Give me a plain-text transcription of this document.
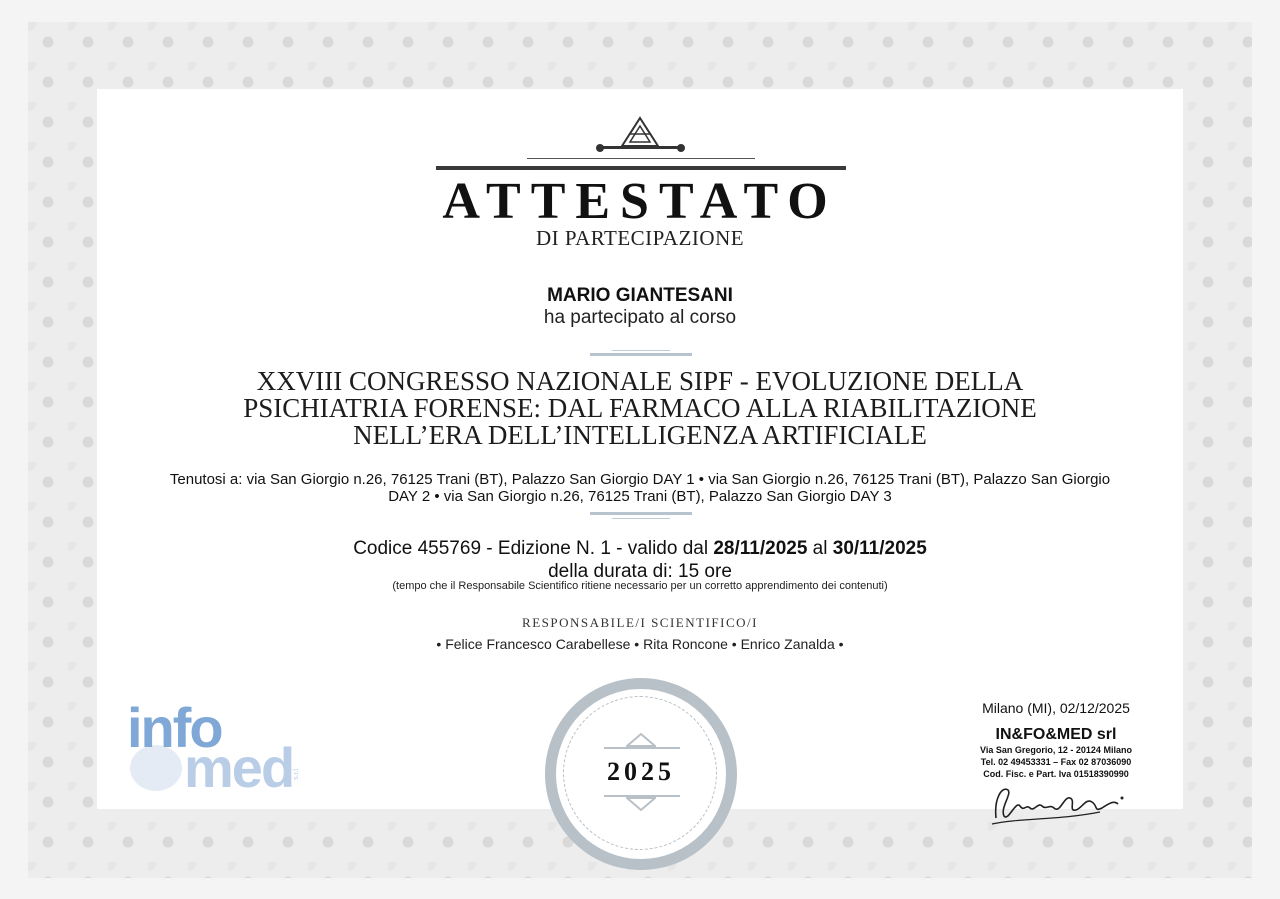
ATTESTATO
DI PARTECIPAZIONE
MARIO GIANTESANI
ha partecipato al corso
XXVIII CONGRESSO NAZIONALE SIPF - EVOLUZIONE DELLA
PSICHIATRIA FORENSE: DAL FARMACO ALLA RIABILITAZIONE
NELL’ERA DELL’INTELLIGENZA ARTIFICIALE
Tenutosi a: via San Giorgio n.26, 76125 Trani (BT), Palazzo San Giorgio DAY 1 • via San Giorgio n.26, 76125 Trani (BT), Palazzo San Giorgio
DAY 2 • via San Giorgio n.26, 76125 Trani (BT), Palazzo San Giorgio DAY 3
Codice 455769 - Edizione N. 1 - valido dal 28/11/2025 al 30/11/2025
della durata di: 15 ore
(tempo che il Responsabile Scientifico ritiene necessario per un corretto apprendimento dei contenuti)
RESPONSABILE/I SCIENTIFICO/I
• Felice Francesco Carabellese • Rita Roncone • Enrico Zanalda •
info
med s.r.l.	2025
Milano (MI), 02/12/2025
IN&FO&MED srl
Via San Gregorio, 12 - 20124 Milano
Tel. 02 49453331 – Fax 02 87036090
Cod. Fisc. e Part. Iva 01518390990
